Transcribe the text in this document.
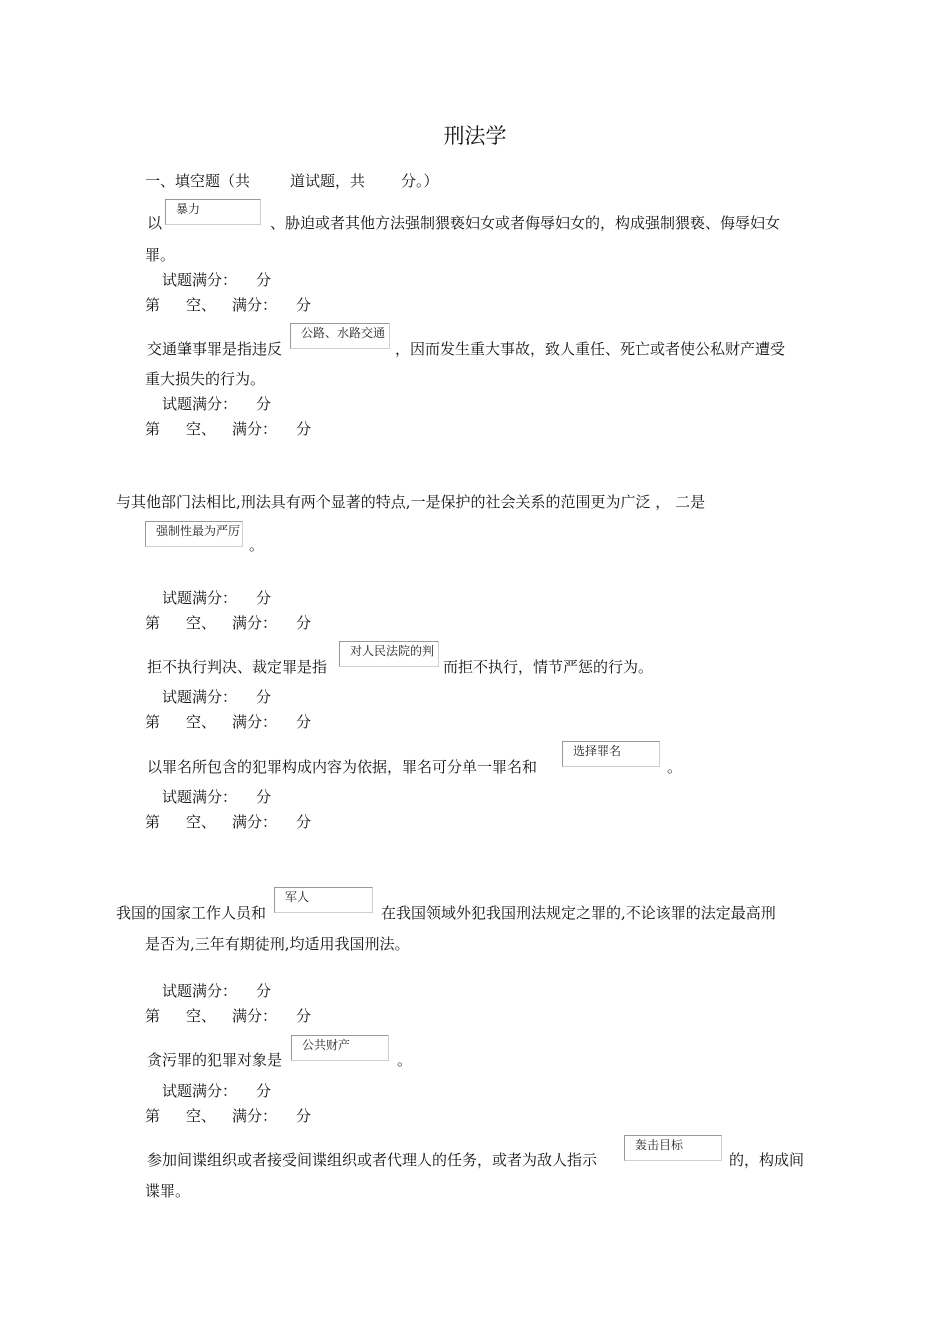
刑法学
一、填空题（共	道试题，共 分。）
以
暴力
、胁迫或者其他方法强制猥亵妇女或者侮辱妇女的，构成强制猥亵、侮辱妇女
罪。
试题满分： 分
第 空、 满分： 分
交通肇事罪是指违反
公路、水路交通
，因而发生重大事故，致人重任、死亡或者使公私财产遭受
重大损失的行为。
试题满分： 分
第 空、 满分： 分
与其他部门法相比,刑法具有两个显著的特点,一是保护的社会关系的范围更为广泛 ， 二是
强制性最为严厉
。
试题满分： 分
第 空、 满分： 分
拒不执行判决、裁定罪是指
对人民法院的判
而拒不执行，情节严惩的行为。
试题满分： 分
第 空、 满分： 分
以罪名所包含的犯罪构成内容为依据，罪名可分单一罪名和
选择罪名
。
试题满分： 分
第 空、 满分： 分
我国的国家工作人员和
军人
在我国领域外犯我国刑法规定之罪的,不论该罪的法定最高刑
是否为,三年有期徒刑,均适用我国刑法。
试题满分： 分
第 空、 满分： 分
贪污罪的犯罪对象是
公共财产
。
试题满分： 分
第 空、 满分： 分
参加间谍组织或者接受间谍组织或者代理人的任务，或者为敌人指示
轰击目标
的，构成间
谍罪。
